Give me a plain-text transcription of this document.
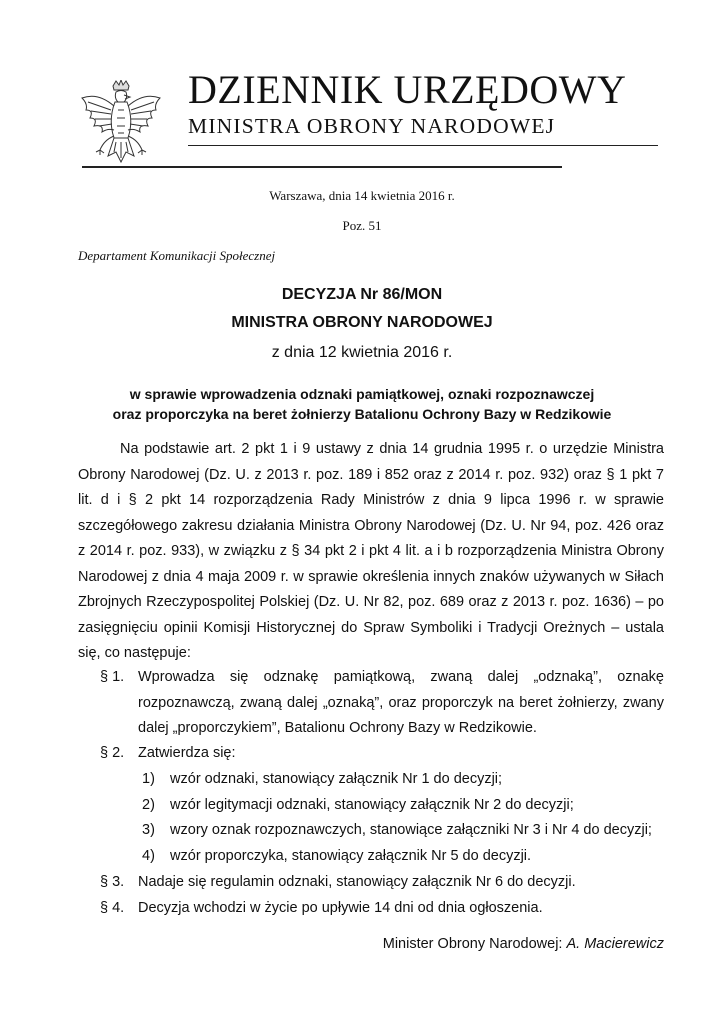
DZIENNIK URZĘDOWY
MINISTRA OBRONY NARODOWEJ
Warszawa, dnia 14 kwietnia 2016 r.
Poz. 51
Departament Komunikacji Społecznej
DECYZJA Nr 86/MON
MINISTRA OBRONY NARODOWEJ
z dnia 12 kwietnia 2016 r.
w sprawie wprowadzenia odznaki pamiątkowej, oznaki rozpoznawczej
oraz proporczyka na beret żołnierzy Batalionu Ochrony Bazy w Redzikowie
Na podstawie art. 2 pkt 1 i 9 ustawy z dnia 14 grudnia 1995 r. o urzędzie Ministra Obrony Narodowej (Dz. U. z 2013 r. poz. 189 i 852 oraz z 2014 r. poz. 932) oraz § 1 pkt 7 lit. d i § 2 pkt 14 rozporządzenia Rady Ministrów z dnia 9 lipca 1996 r. w sprawie szczegółowego zakresu działania Ministra Obrony Narodowej (Dz. U. Nr 94, poz. 426 oraz z 2014 r. poz. 933), w związku z § 34 pkt 2 i pkt 4 lit. a i b rozporządzenia Ministra Obrony Narodowej z dnia 4 maja 2009 r. w sprawie określenia innych znaków używanych w Siłach Zbrojnych Rzeczypospolitej Polskiej (Dz. U. Nr 82, poz. 689 oraz z 2013 r. poz. 1636) – po zasięgnięciu opinii Komisji Historycznej do Spraw Symboliki i Tradycji Oreżnych – ustala się, co następuje:
§ 1. Wprowadza się odznakę pamiątkową, zwaną dalej „odznaką”, oznakę rozpoznawczą, zwaną dalej „oznaką”, oraz proporczyk na beret żołnierzy, zwany dalej „proporczykiem”, Batalionu Ochrony Bazy w Redzikowie.
§ 2. Zatwierdza się:
1) wzór odznaki, stanowiący załącznik Nr 1 do decyzji;
2) wzór legitymacji odznaki, stanowiący załącznik Nr 2 do decyzji;
3) wzory oznak rozpoznawczych, stanowiące załączniki Nr 3 i Nr 4 do decyzji;
4) wzór proporczyka, stanowiący załącznik Nr 5 do decyzji.
§ 3. Nadaje się regulamin odznaki, stanowiący załącznik Nr 6 do decyzji.
§ 4. Decyzja wchodzi w życie po upływie 14 dni od dnia ogłoszenia.
Minister Obrony Narodowej: A. Macierewicz
